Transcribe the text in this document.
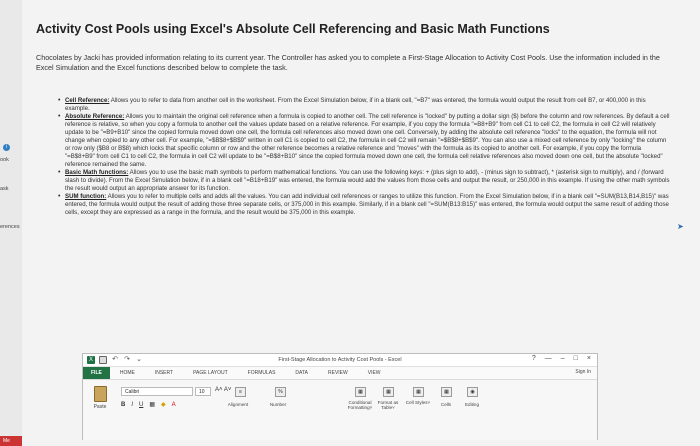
i
ook
ask
erences
Me
Activity Cost Pools using Excel's Absolute Cell Referencing and Basic Math Functions

Chocolates by Jacki has provided information relating to its current year. The Controller has asked you to complete a First-Stage Allocation to Activity Cost Pools. Use the information included in the Excel Simulation and the Excel functions described below to complete the task.

• Cell Reference: Allows you to refer to data from another cell in the worksheet. From the Excel Simulation below, if in a blank cell, "=B7" was entered, the formula would output the result from cell B7, or 400,000 in this example.
• Absolute Reference: Allows you to maintain the original cell reference when a formula is copied to another cell. The cell reference is "locked" by putting a dollar sign ($) before the column and row references. By default a cell reference is relative, so when you copy a formula to another cell the values update based on a relative reference. For example, if you copy the formula "=B8+B9" from cell C1 to cell C2, the formula in cell C2 will relatively update to be "=B9+B10" since the copied formula moved down one cell, the formula cell references also moved down one cell. Conversely, by adding the absolute cell reference "locks" to the equation, the formula will not change when copied to any other cell. For example, "=$B$8+$B$9" written in cell C1 is copied to cell C2, the formula in cell C2 will remain "=$B$8+$B$9". You can also use a mixed cell reference by only "locking" the column or row only ($B8 or B$8) which locks that specific column or row and the other reference becomes a relative reference and "moves" with the formula as its copied to another cell. For example, if you copy the formula "=B$8+B9" from cell C1 to cell C2, the formula in cell C2 will update to be "=B$8+B10" since the copied formula moved down one cell, the formula cell relative references also moved down one cell, but the absolute "locked" reference remained the same.
• Basic Math functions: Allows you to use the basic math symbols to perform mathematical functions. You can use the following keys: + (plus sign to add), - (minus sign to subtract), * (asterisk sign to multiply), and / (forward slash to divide). From the Excel Simulation below, if in a blank cell "=B18+B19" was entered, the formula would add the values from those cells and output the result, or 250,000 in this example. If using the other math symbols the result would output an appropriate answer for its function.
• SUM function: Allows you to refer to multiple cells and adds all the values. You can add individual cell references or ranges to utilize this function. From the Excel Simulation below, if in a blank cell "=SUM(B13,B14,B15)" was entered, the formula would output the result of adding those three separate cells, or 375,000 in this example. Similarly, if in a blank cell "=SUM(B13:B15)" was entered, the formula would output the same result of adding those cells, except they are expressed as a range in the formula, and the result would be 375,000 in this example.
➤
X	↶ ↷ ⌄	First-Stage Allocation to Activity Cost Pools - Excel	? — – □ ×
FILE	HOME	INSERT	PAGE LAYOUT	FORMULAS	DATA	REVIEW	VIEW	Sign In
Paste
Calibri	10	A˄ A˅
B I U ▦ ◆ A
≡	%	▦	▦	▦	▦	◉
Alignment	Number	Conditional Formatting˅
Format as Table˅
Cell Styles˅	Cells	Editing
